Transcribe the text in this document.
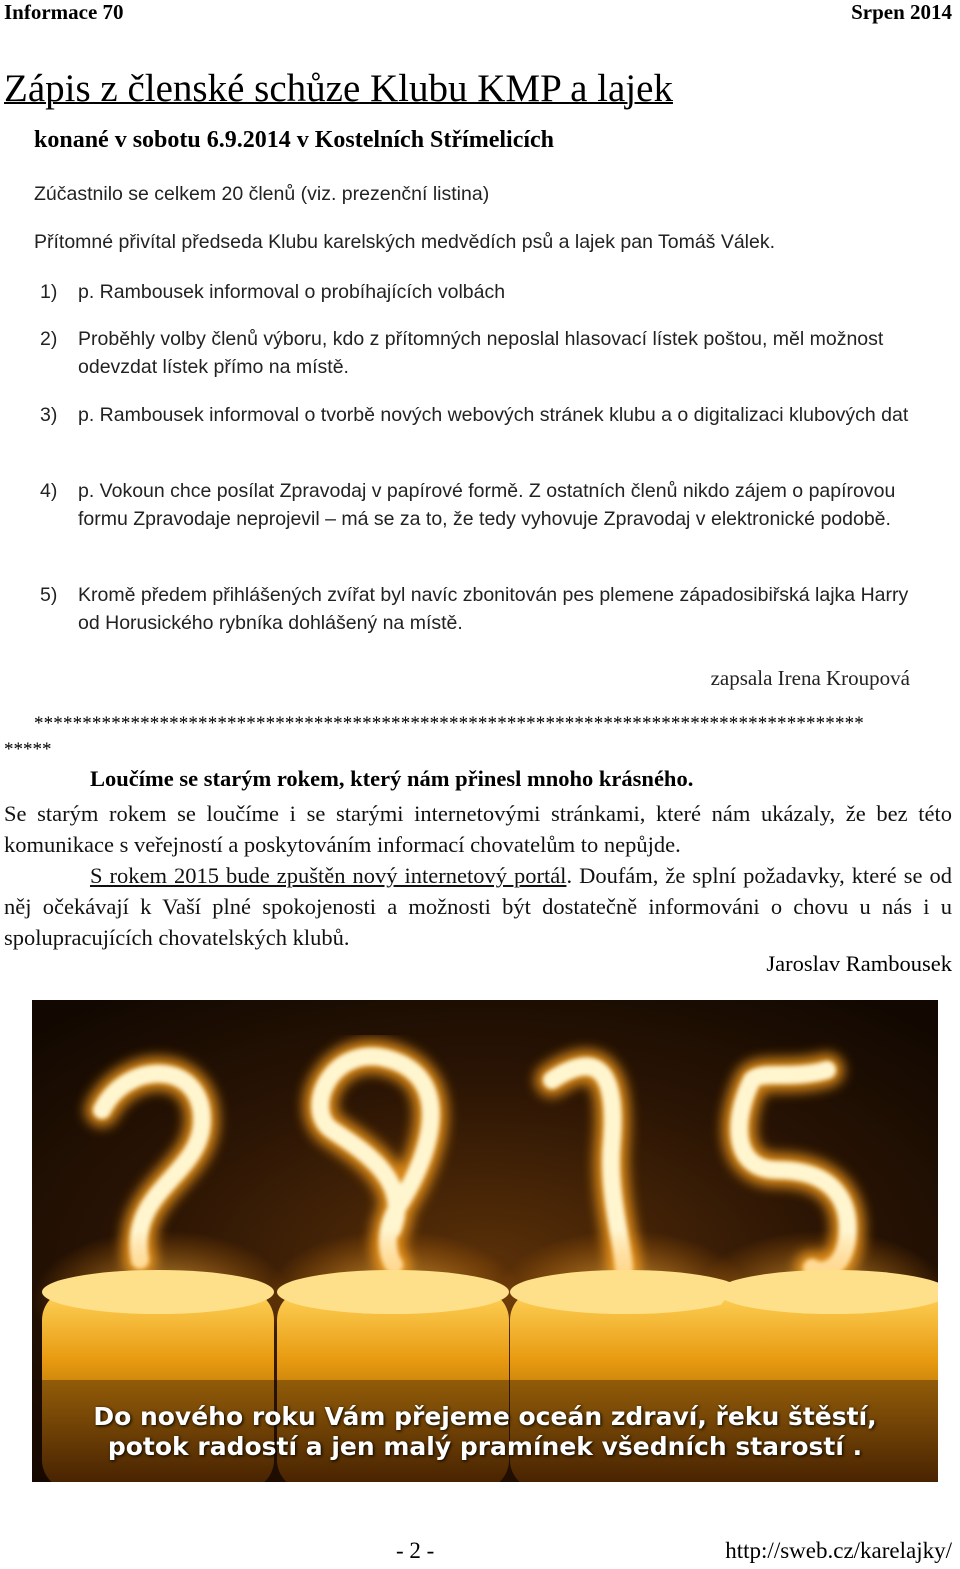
Informace 70	Srpen 2014
Zápis z členské schůze Klubu KMP a lajek
konané v sobotu 6.9.2014 v Kostelních Střímelicích
Zúčastnilo se celkem 20 členů (viz. prezenční listina)
Přítomné přivítal předseda Klubu karelských medvědích psů a lajek pan Tomáš Válek.
1) p. Rambousek informoval o probíhajících volbách
2) Proběhly volby členů výboru, kdo z přítomných neposlal hlasovací lístek poštou, měl možnost odevzdat lístek přímo na místě.
3) p. Rambousek informoval o tvorbě nových webových stránek klubu a o digitalizaci klubových dat
4) p. Vokoun chce posílat Zpravodaj v papírové formě. Z ostatních členů nikdo zájem o papírovou formu Zpravodaje neprojevil – má se za to, že tedy vyhovuje Zpravodaj v elektronické podobě.
5) Kromě předem přihlášených zvířat byl navíc zbonitován pes plemene západosibiřská lajka Harry od Horusického rybníka dohlášený na místě.
zapsala Irena Kroupová
**************************************************************************************
*****
Loučíme se starým rokem, který nám přinesl mnoho krásného.
Se starým rokem se loučíme i se starými internetovými stránkami, které nám ukázaly, že bez této komunikace s veřejností a poskytováním informací chovatelům to nepůjde.
S rokem 2015 bude zpuštěn nový internetový portál. Doufám, že splní požadavky, které se od něj očekávají k Vaší plné spokojenosti a možnosti být dostatečně informováni o chovu u nás i u spolupracujících chovatelských klubů.
Jaroslav Rambousek
Do nového roku Vám přejeme oceán zdraví, řeku štěstí,
potok radostí a jen malý pramínek všedních starostí .
- 2 -	http://sweb.cz/karelajky/
